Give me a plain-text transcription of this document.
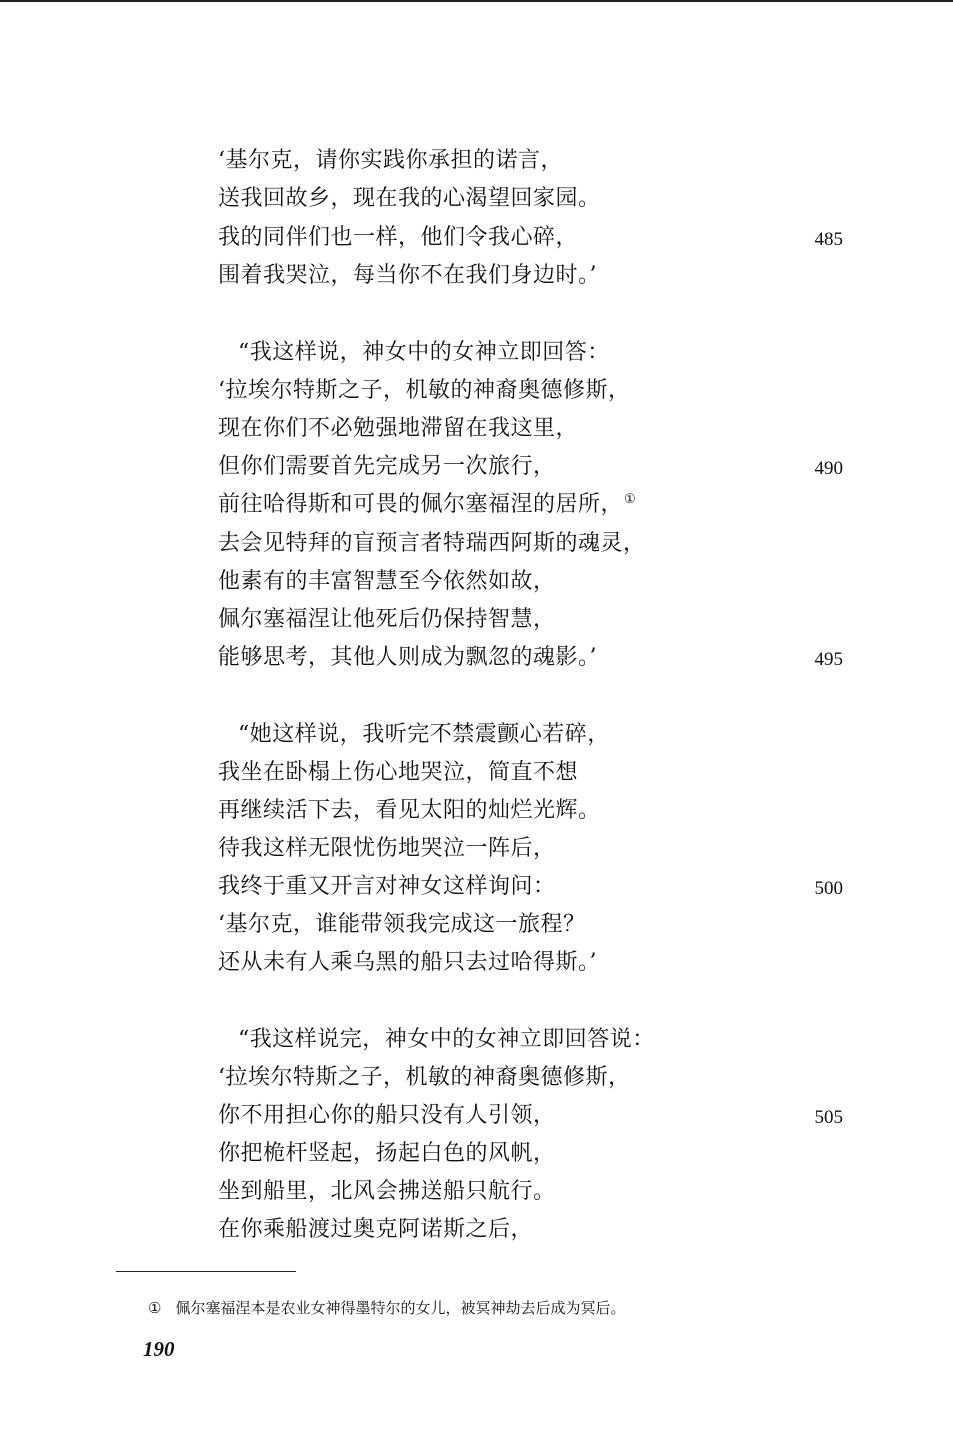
‘基尔克，请你实践你承担的诺言，
送我回故乡，现在我的心渴望回家园。
我的同伴们也一样，他们令我心碎，	485
围着我哭泣，每当你不在我们身边时。’
“我这样说，神女中的女神立即回答：
‘拉埃尔特斯之子，机敏的神裔奥德修斯，
现在你们不必勉强地滞留在我这里，
但你们需要首先完成另一次旅行，	490
前往哈得斯和可畏的佩尔塞福涅的居所，①
去会见特拜的盲预言者特瑞西阿斯的魂灵，
他素有的丰富智慧至今依然如故，
佩尔塞福涅让他死后仍保持智慧，
能够思考，其他人则成为飘忽的魂影。’	495
“她这样说，我听完不禁震颤心若碎，
我坐在卧榻上伤心地哭泣，简直不想
再继续活下去，看见太阳的灿烂光辉。
待我这样无限忧伤地哭泣一阵后，
我终于重又开言对神女这样询问：	500
‘基尔克，谁能带领我完成这一旅程？
还从未有人乘乌黑的船只去过哈得斯。’
“我这样说完，神女中的女神立即回答说：
‘拉埃尔特斯之子，机敏的神裔奥德修斯，
你不用担心你的船只没有人引领，	505
你把桅杆竖起，扬起白色的风帆，
坐到船里，北风会拂送船只航行。
在你乘船渡过奥克阿诺斯之后，
① 佩尔塞福涅本是农业女神得墨特尔的女儿，被冥神劫去后成为冥后。
190
